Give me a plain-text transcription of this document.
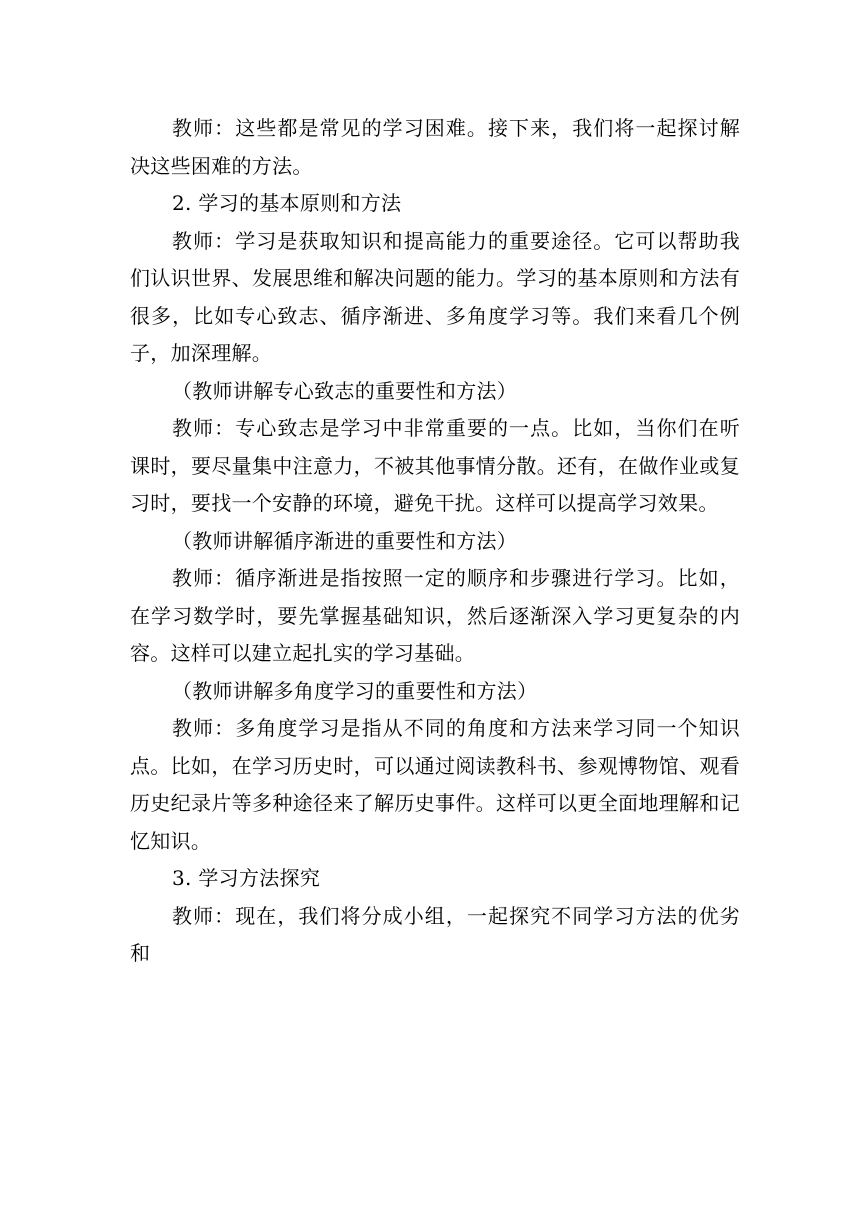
教师：这些都是常见的学习困难。接下来，我们将一起探讨解决这些困难的方法。

2. 学习的基本原则和方法

教师：学习是获取知识和提高能力的重要途径。它可以帮助我们认识世界、发展思维和解决问题的能力。学习的基本原则和方法有很多，比如专心致志、循序渐进、多角度学习等。我们来看几个例子，加深理解。

（教师讲解专心致志的重要性和方法）

教师：专心致志是学习中非常重要的一点。比如，当你们在听课时，要尽量集中注意力，不被其他事情分散。还有，在做作业或复习时，要找一个安静的环境，避免干扰。这样可以提高学习效果。

（教师讲解循序渐进的重要性和方法）

教师：循序渐进是指按照一定的顺序和步骤进行学习。比如，在学习数学时，要先掌握基础知识，然后逐渐深入学习更复杂的内容。这样可以建立起扎实的学习基础。

（教师讲解多角度学习的重要性和方法）

教师：多角度学习是指从不同的角度和方法来学习同一个知识点。比如，在学习历史时，可以通过阅读教科书、参观博物馆、观看历史纪录片等多种途径来了解历史事件。这样可以更全面地理解和记忆知识。

3. 学习方法探究

教师：现在，我们将分成小组，一起探究不同学习方法的优劣和
